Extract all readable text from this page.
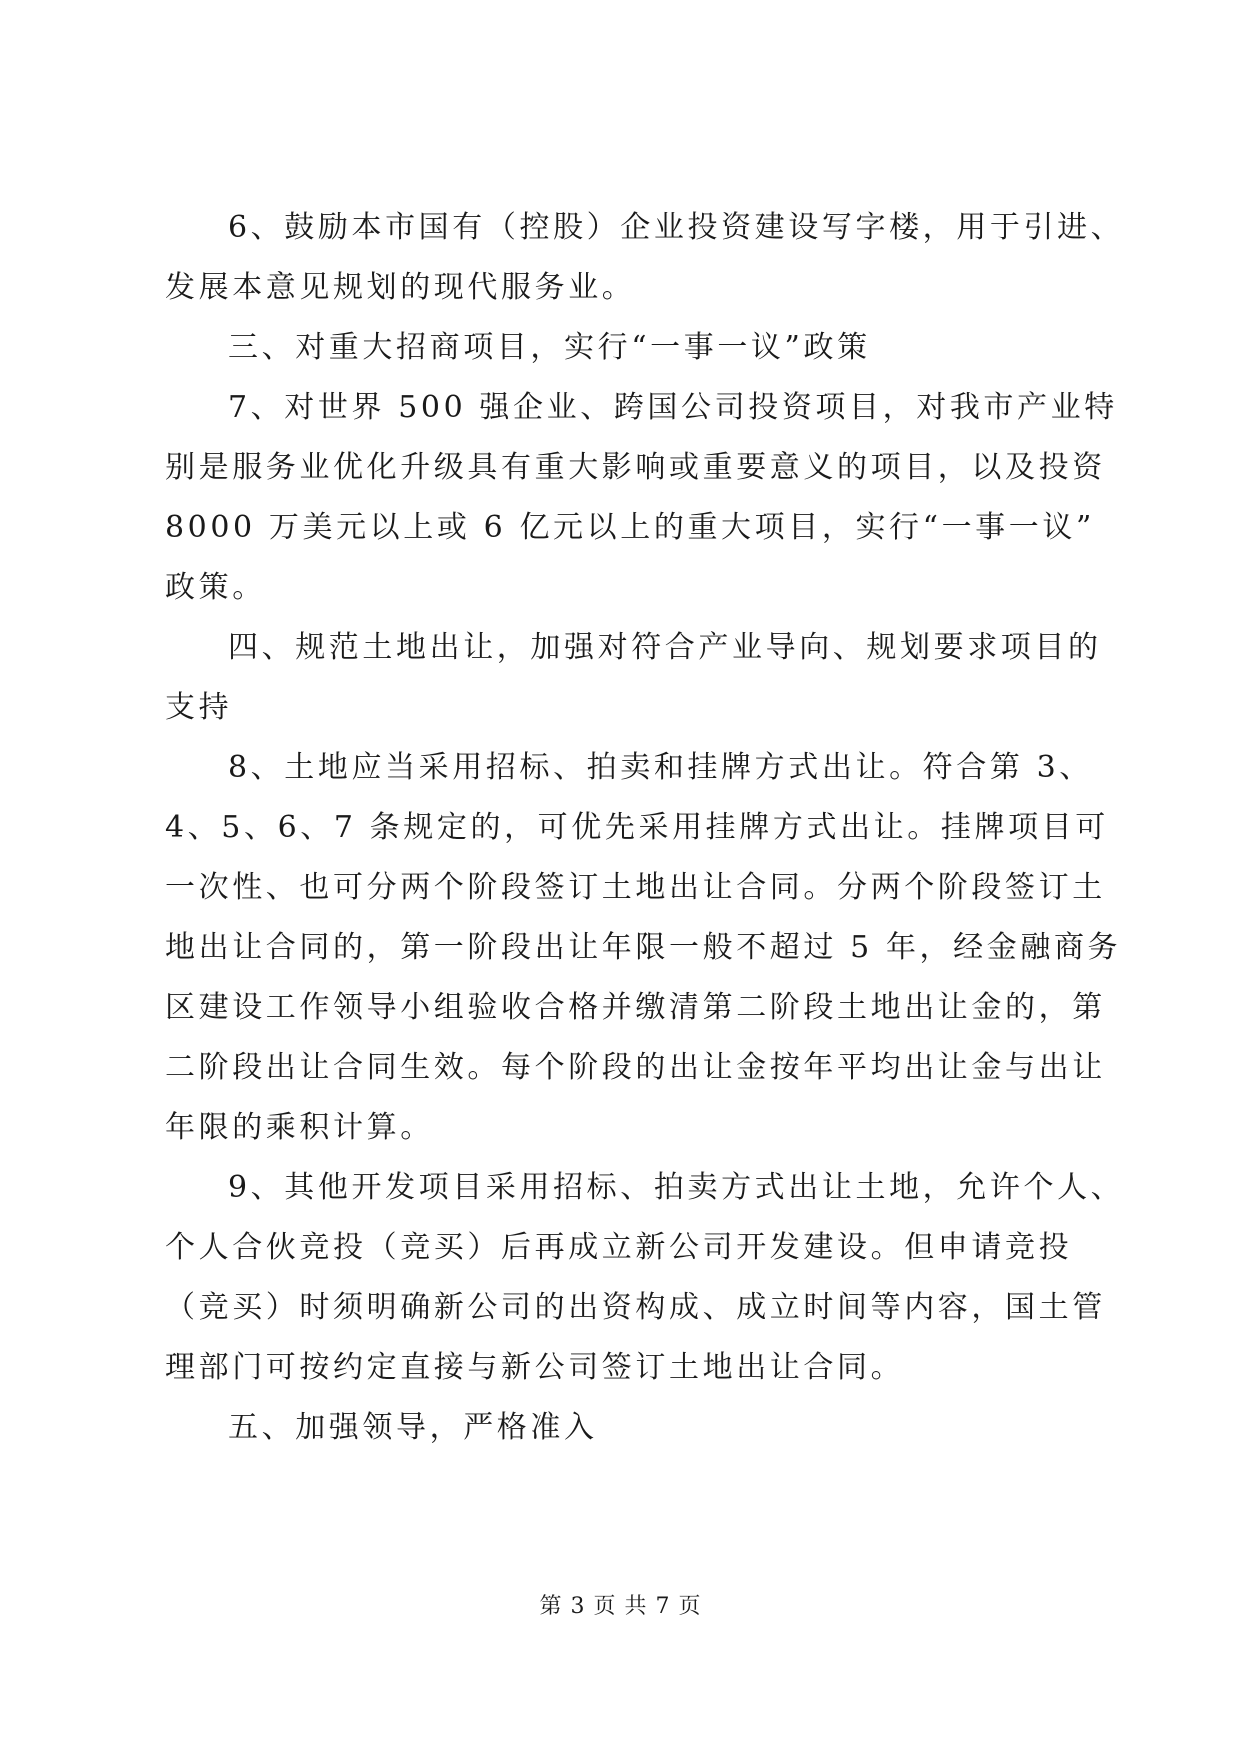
6、鼓励本市国有（控股）企业投资建设写字楼，用于引进、
发展本意见规划的现代服务业。
三、对重大招商项目，实行“一事一议”政策
7、对世界 500 强企业、跨国公司投资项目，对我市产业特
别是服务业优化升级具有重大影响或重要意义的项目，以及投资
8000 万美元以上或 6 亿元以上的重大项目，实行“一事一议”
政策。
四、规范土地出让，加强对符合产业导向、规划要求项目的
支持
8、土地应当采用招标、拍卖和挂牌方式出让。符合第 3、
4、5、6、7 条规定的，可优先采用挂牌方式出让。挂牌项目可
一次性、也可分两个阶段签订土地出让合同。分两个阶段签订土
地出让合同的，第一阶段出让年限一般不超过 5 年，经金融商务
区建设工作领导小组验收合格并缴清第二阶段土地出让金的，第
二阶段出让合同生效。每个阶段的出让金按年平均出让金与出让
年限的乘积计算。
9、其他开发项目采用招标、拍卖方式出让土地，允许个人、
个人合伙竞投（竞买）后再成立新公司开发建设。但申请竞投
（竞买）时须明确新公司的出资构成、成立时间等内容，国土管
理部门可按约定直接与新公司签订土地出让合同。
五、加强领导，严格准入
第 3 页 共 7 页
